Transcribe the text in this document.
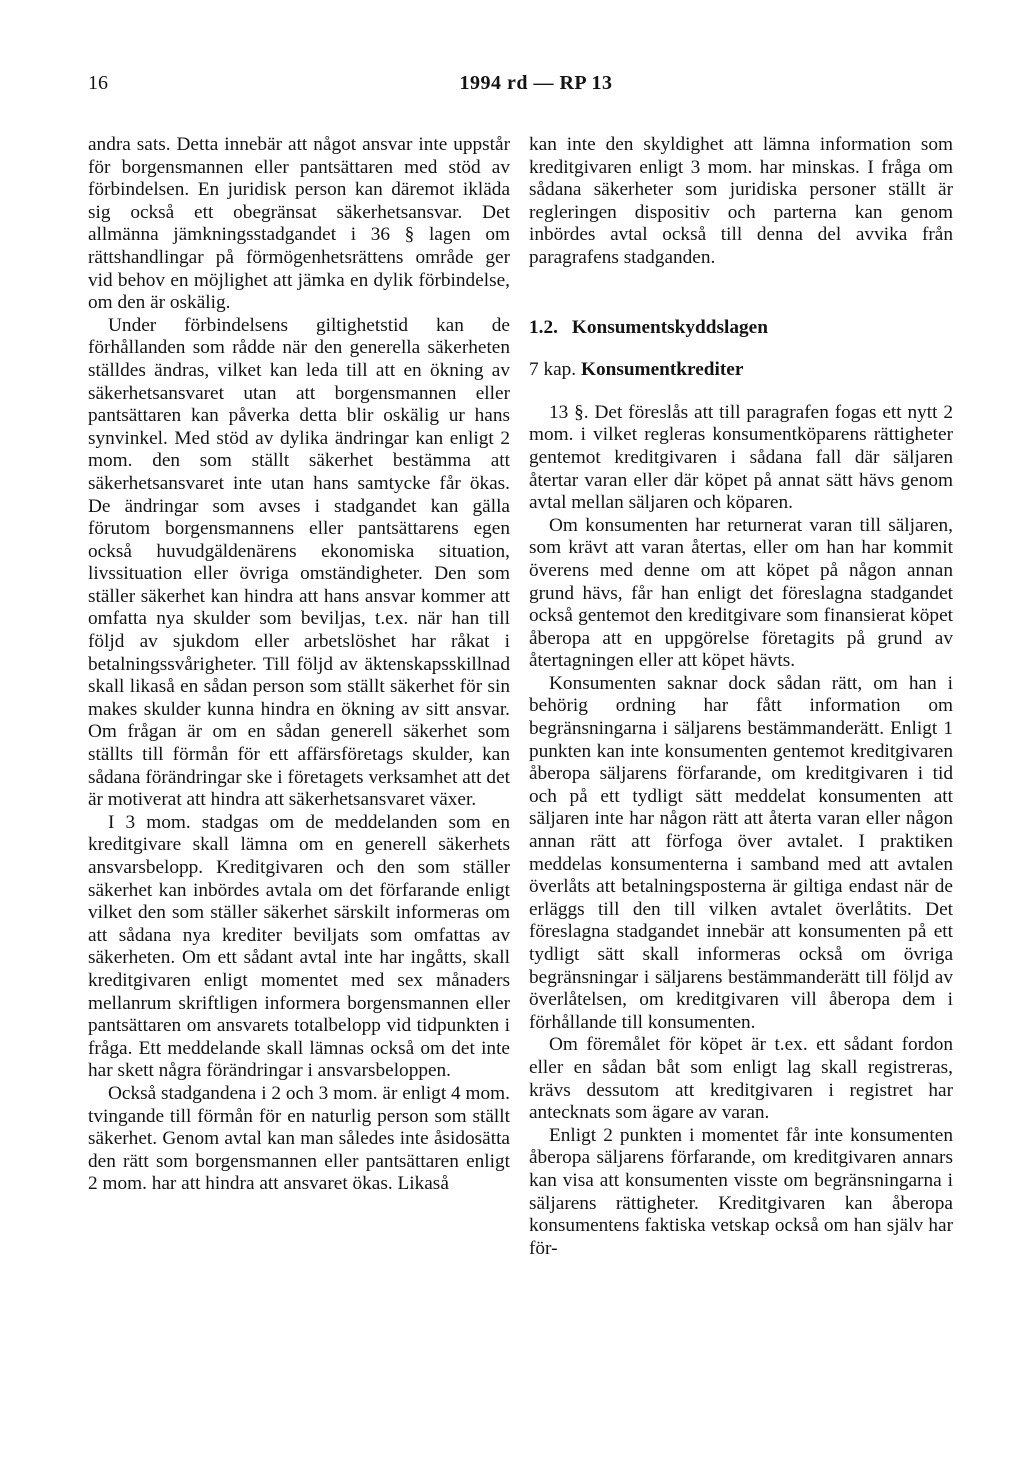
16	1994 rd — RP 13

andra sats. Detta innebär att något ansvar inte uppstår för borgensmannen eller pantsättaren med stöd av förbindelsen. En juridisk person kan däremot ikläda sig också ett obegränsat säkerhetsansvar. Det allmänna jämkningsstadgandet i 36 § lagen om rättshandlingar på förmögenhetsrättens område ger vid behov en möjlighet att jämka en dylik förbindelse, om den är oskälig.

Under förbindelsens giltighetstid kan de förhållanden som rådde när den generella säkerheten ställdes ändras, vilket kan leda till att en ökning av säkerhetsansvaret utan att borgensmannen eller pantsättaren kan påverka detta blir oskälig ur hans synvinkel. Med stöd av dylika ändringar kan enligt 2 mom. den som ställt säkerhet bestämma att säkerhetsansvaret inte utan hans samtycke får ökas. De ändringar som avses i stadgandet kan gälla förutom borgensmannens eller pantsättarens egen också huvudgäldenärens ekonomiska situation, livssituation eller övriga omständigheter. Den som ställer säkerhet kan hindra att hans ansvar kommer att omfatta nya skulder som beviljas, t.ex. när han till följd av sjukdom eller arbetslöshet har råkat i betalningssvårigheter. Till följd av äktenskapsskillnad skall likaså en sådan person som ställt säkerhet för sin makes skulder kunna hindra en ökning av sitt ansvar. Om frågan är om en sådan generell säkerhet som ställts till förmån för ett affärsföretags skulder, kan sådana förändringar ske i företagets verksamhet att det är motiverat att hindra att säkerhetsansvaret växer.

I 3 mom. stadgas om de meddelanden som en kreditgivare skall lämna om en generell säkerhets ansvarsbelopp. Kreditgivaren och den som ställer säkerhet kan inbördes avtala om det förfarande enligt vilket den som ställer säkerhet särskilt informeras om att sådana nya krediter beviljats som omfattas av säkerheten. Om ett sådant avtal inte har ingåtts, skall kreditgivaren enligt momentet med sex månaders mellanrum skriftligen informera borgensmannen eller pantsättaren om ansvarets totalbelopp vid tidpunkten i fråga. Ett meddelande skall lämnas också om det inte har skett några förändringar i ansvarsbeloppen.

Också stadgandena i 2 och 3 mom. är enligt 4 mom. tvingande till förmån för en naturlig person som ställt säkerhet. Genom avtal kan man således inte åsidosätta den rätt som borgensmannen eller pantsättaren enligt 2 mom. har att hindra att ansvaret ökas. Likaså

kan inte den skyldighet att lämna information som kreditgivaren enligt 3 mom. har minskas. I fråga om sådana säkerheter som juridiska personer ställt är regleringen dispositiv och parterna kan genom inbördes avtal också till denna del avvika från paragrafens stadganden.

1.2. Konsumentskyddslagen

7 kap. Konsumentkrediter

13 §. Det föreslås att till paragrafen fogas ett nytt 2 mom. i vilket regleras konsumentköparens rättigheter gentemot kreditgivaren i sådana fall där säljaren återtar varan eller där köpet på annat sätt hävs genom avtal mellan säljaren och köparen.

Om konsumenten har returnerat varan till säljaren, som krävt att varan återtas, eller om han har kommit överens med denne om att köpet på någon annan grund hävs, får han enligt det föreslagna stadgandet också gentemot den kreditgivare som finansierat köpet åberopa att en uppgörelse företagits på grund av återtagningen eller att köpet hävts.

Konsumenten saknar dock sådan rätt, om han i behörig ordning har fått information om begränsningarna i säljarens bestämmanderätt. Enligt 1 punkten kan inte konsumenten gentemot kreditgivaren åberopa säljarens förfarande, om kreditgivaren i tid och på ett tydligt sätt meddelat konsumenten att säljaren inte har någon rätt att återta varan eller någon annan rätt att förfoga över avtalet. I praktiken meddelas konsumenterna i samband med att avtalen överlåts att betalningsposterna är giltiga endast när de erläggs till den till vilken avtalet överlåtits. Det föreslagna stadgandet innebär att konsumenten på ett tydligt sätt skall informeras också om övriga begränsningar i säljarens bestämmanderätt till följd av överlåtelsen, om kreditgivaren vill åberopa dem i förhållande till konsumenten.

Om föremålet för köpet är t.ex. ett sådant fordon eller en sådan båt som enligt lag skall registreras, krävs dessutom att kreditgivaren i registret har antecknats som ägare av varan.

Enligt 2 punkten i momentet får inte konsumenten åberopa säljarens förfarande, om kreditgivaren annars kan visa att konsumenten visste om begränsningarna i säljarens rättigheter. Kreditgivaren kan åberopa konsumentens faktiska vetskap också om han själv har för-
